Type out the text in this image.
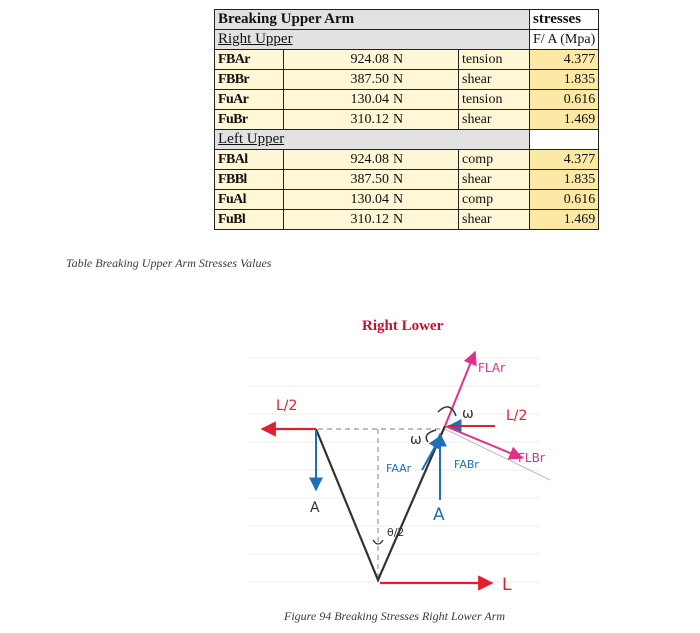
Breaking Upper Arm				stresses
Right Upper				F/ A (Mpa)
FBAr	924.08	N	tension	4.377
FBBr	387.50	N	shear	1.835
FuAr	130.04	N	tension	0.616
FuBr	310.12	N	shear	1.469
Left Upper				
FBAl	924.08	N	comp	4.377
FBBl	387.50	N	shear	1.835
FuAl	130.04	N	comp	0.616
FuBl	310.12	N	shear	1.469
Table Breaking Upper Arm Stresses Values
Right Lower
L/2
A	A
FAAr	FABr
L/2
FLAr
FLBr
ω
ω
θ/2
L
Figure 94 Breaking Stresses Right Lower Arm
